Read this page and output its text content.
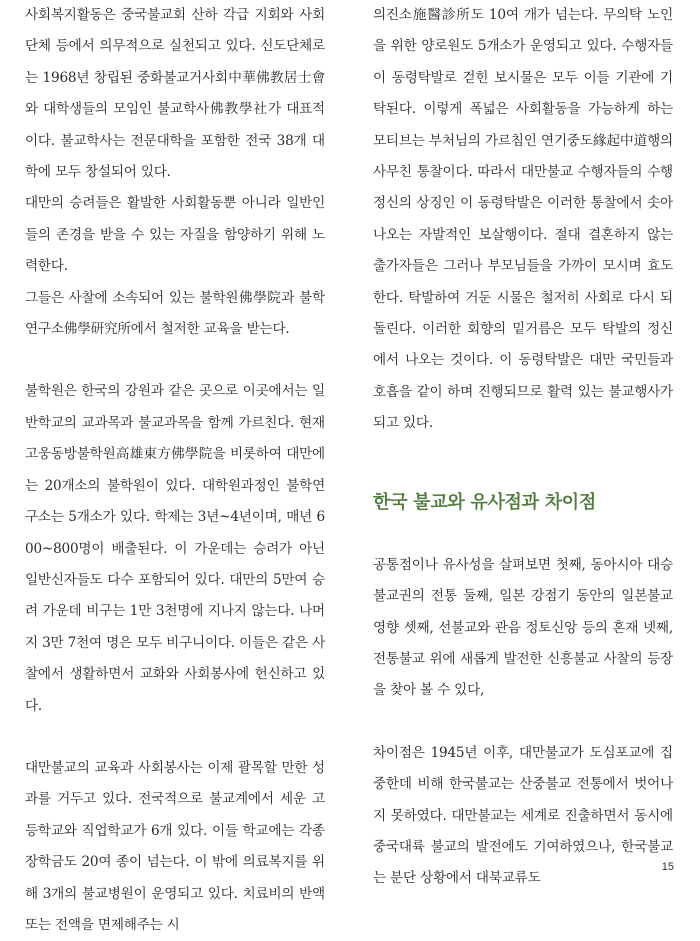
사회복지활동은 중국불교회 산하 각급 지회와 사회단체 등에서 의무적으로 실천되고 있다. 신도단체로는 1968년 창립된 중화불교거사회中華佛教居士會와 대학생들의 모임인 불교학사佛教學社가 대표적이다. 불교학사는 전문대학을 포함한 전국 38개 대학에 모두 창설되어 있다.

대만의 승려들은 활발한 사회활동뿐 아니라 일반인들의 존경을 받을 수 있는 자질을 함양하기 위해 노력한다.

그들은 사찰에 소속되어 있는 불학원佛學院과 불학연구소佛學研究所에서 철저한 교육을 받는다.

불학원은 한국의 강원과 같은 곳으로 이곳에서는 일반학교의 교과목과 불교과목을 함께 가르친다. 현재 고웅동방불학원高雄東方佛學院을 비롯하여 대만에는 20개소의 불학원이 있다. 대학원과정인 불학연구소는 5개소가 있다. 학제는 3년~4년이며, 매년 600~800명이 배출된다. 이 가운데는 승려가 아닌 일반신자들도 다수 포함되어 있다. 대만의 5만여 승려 가운데 비구는 1만 3천명에 지나지 않는다. 나머지 3만 7천여 명은 모두 비구니이다. 이들은 같은 사찰에서 생활하면서 교화와 사회봉사에 헌신하고 있다.

대만불교의 교육과 사회봉사는 이제 괄목할 만한 성과를 거두고 있다. 전국적으로 불교계에서 세운 고등학교와 직업학교가 6개 있다. 이들 학교에는 각종 장학금도 20여 종이 넘는다. 이 밖에 의료복지를 위해 3개의 불교병원이 운영되고 있다. 치료비의 반액 또는 전액을 면제해주는 시

의진소施醫診所도 10여 개가 넘는다. 무의탁 노인을 위한 양로원도 5개소가 운영되고 있다. 수행자들이 동령탁발로 걷힌 보시물은 모두 이들 기관에 기탁된다. 이렇게 폭넓은 사회활동을 가능하게 하는 모티브는 부처님의 가르침인 연기중도緣起中道행의 사무친 통찰이다. 따라서 대만불교 수행자들의 수행정신의 상징인 이 동령탁발은 이러한 통찰에서 솟아나오는 자발적인 보살행이다. 절대 결혼하지 않는 출가자들은 그러나 부모님들을 가까이 모시며 효도한다. 탁발하여 거둔 시물은 철저히 사회로 다시 되돌린다. 이러한 회향의 밑거름은 모두 탁발의 정신에서 나오는 것이다. 이 동령탁발은 대만 국민들과 호흡을 같이 하며 진행되므로 활력 있는 불교행사가 되고 있다.

한국 불교와 유사점과 차이점

공통점이나 유사성을 살펴보면 첫째, 동아시아 대승불교권의 전통 둘째, 일본 강점기 동안의 일본불교 영향 셋째, 선불교와 관음 정토신앙 등의 혼재 넷째, 전통불교 위에 새롭게 발전한 신흥불교 사찰의 등장을 찾아 볼 수 있다,

차이점은 1945년 이후, 대만불교가 도심포교에 집중한데 비해 한국불교는 산중불교 전통에서 벗어나지 못하였다. 대만불교는 세계로 진출하면서 동시에 중국대륙 불교의 발전에도 기여하였으나, 한국불교는 분단 상황에서 대북교류도

15
